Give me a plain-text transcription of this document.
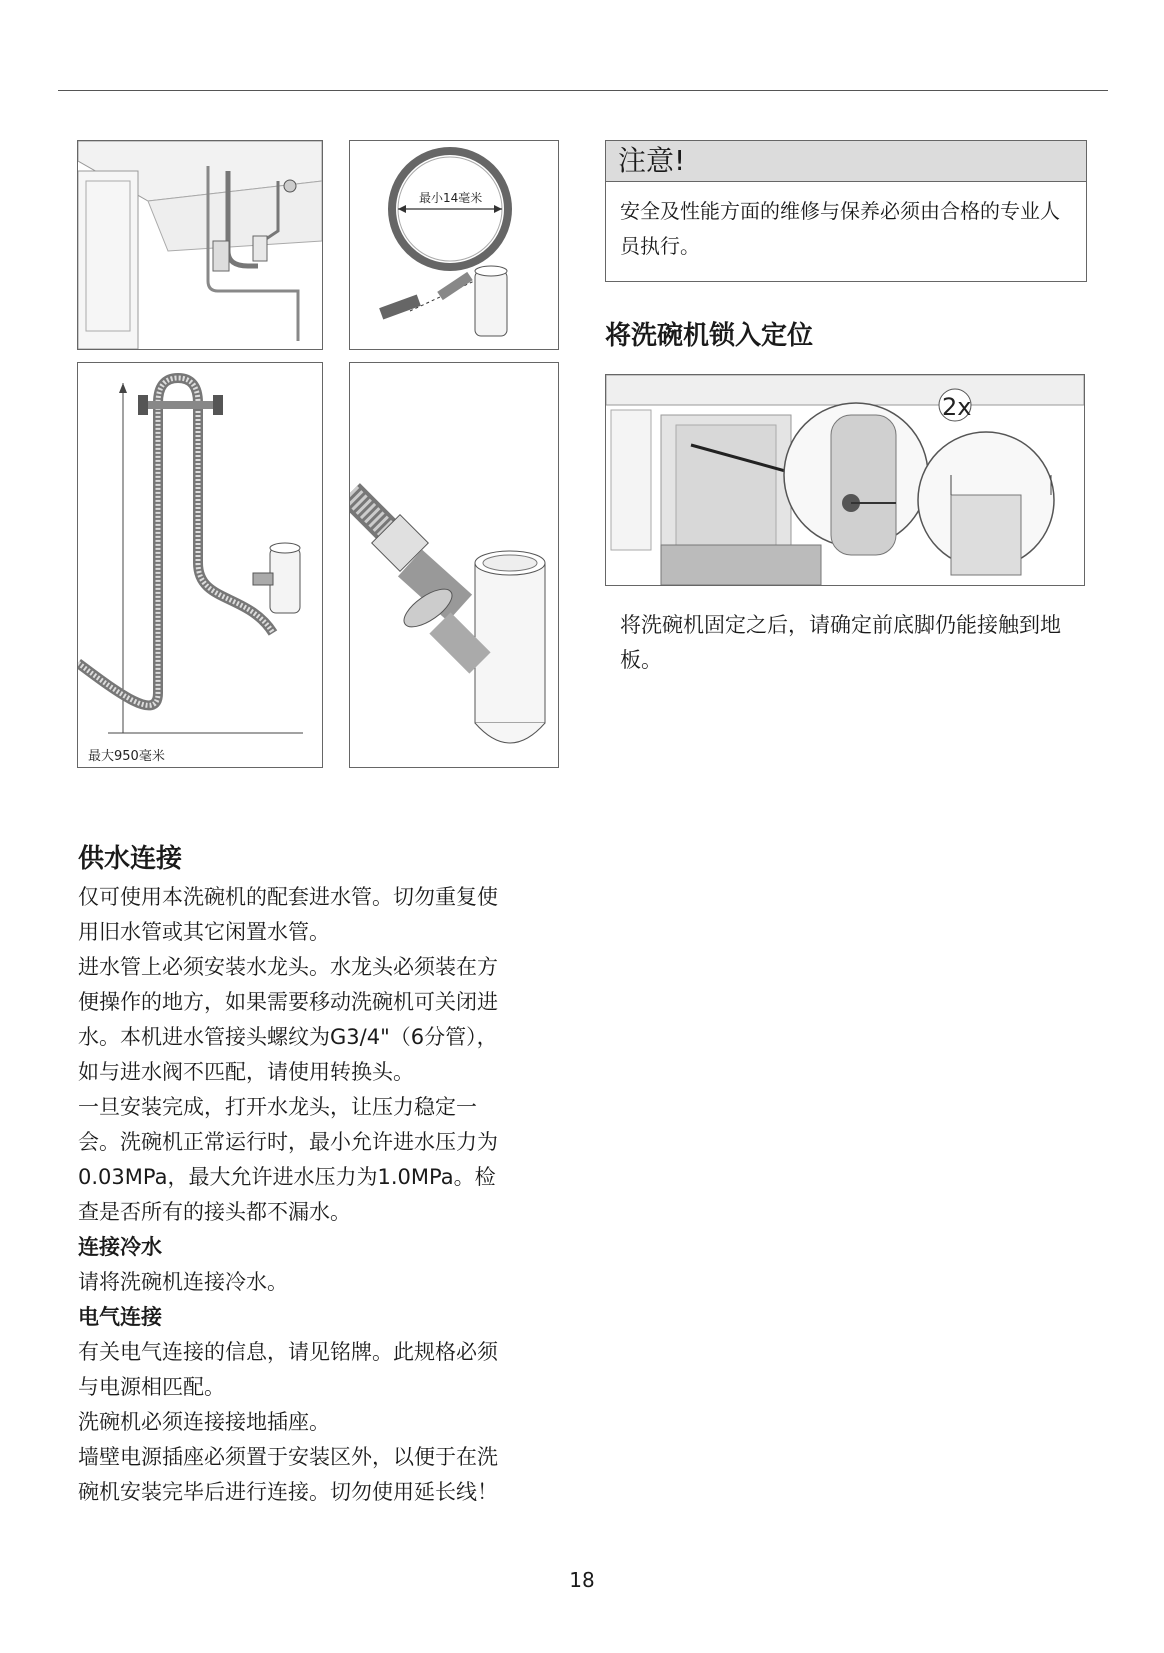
最小14毫米
最大950毫米
注意!
安全及性能方面的维修与保养必须由合格的专业人员执行。
将洗碗机锁入定位
2x

将洗碗机固定之后，请确定前底脚仍能接触到地板。

供水连接

仅可使用本洗碗机的配套进水管。切勿重复使

用旧水管或其它闲置水管。

进水管上必须安装水龙头。水龙头必须装在方

便操作的地方，如果需要移动洗碗机可关闭进

水。本机进水管接头螺纹为G3/4"（6分管），

如与进水阀不匹配，请使用转换头。

一旦安装完成，打开水龙头，让压力稳定一

会。洗碗机正常运行时，最小允许进水压力为

0.03MPa，最大允许进水压力为1.0MPa。检

查是否所有的接头都不漏水。

连接冷水

请将洗碗机连接冷水。

电气连接

有关电气连接的信息，请见铭牌。此规格必须

与电源相匹配。

洗碗机必须连接接地插座。

墙壁电源插座必须置于安装区外，以便于在洗

碗机安装完毕后进行连接。切勿使用延长线！

18
